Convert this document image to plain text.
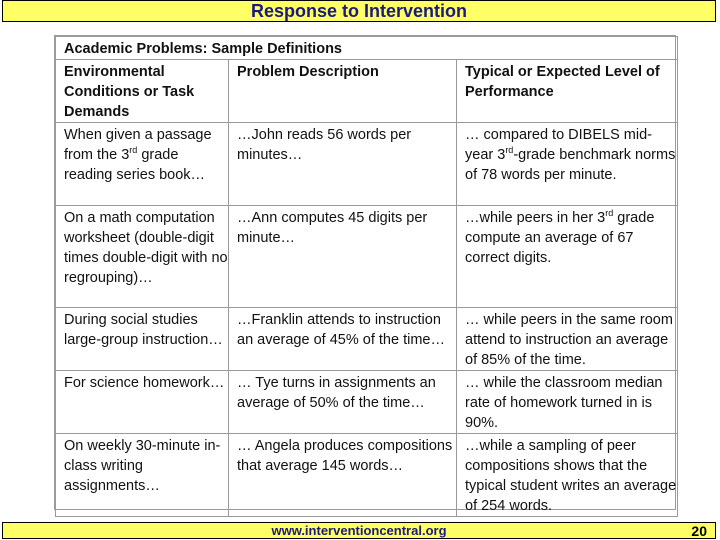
Response to Intervention
Academic Problems: Sample Definitions		
Environmental Conditions or Task Demands	Problem Description	Typical or Expected Level of Performance
When given a passage from the 3rd grade reading series book…	…John reads 56 words per minutes…	… compared to DIBELS mid-year 3rd-grade benchmark norms of 78 words per minute.
On a math computation worksheet (double-digit times double-digit with no regrouping)…	…Ann computes 45 digits per minute…	…while peers in her 3rd grade compute an average of 67 correct digits.
During social studies large-group instruction…	…Franklin attends to instruction an average of 45% of the time…	… while peers in the same room attend to instruction an average of 85% of the time.
For science homework…	… Tye turns in assignments an average of 50% of the time…	… while the classroom median rate of homework turned in is 90%.
On weekly 30-minute in-class writing assignments…	… Angela produces compositions that average 145 words…	…while a sampling of peer compositions shows that the typical student writes an average of 254 words.
www.interventioncentral.org	20
